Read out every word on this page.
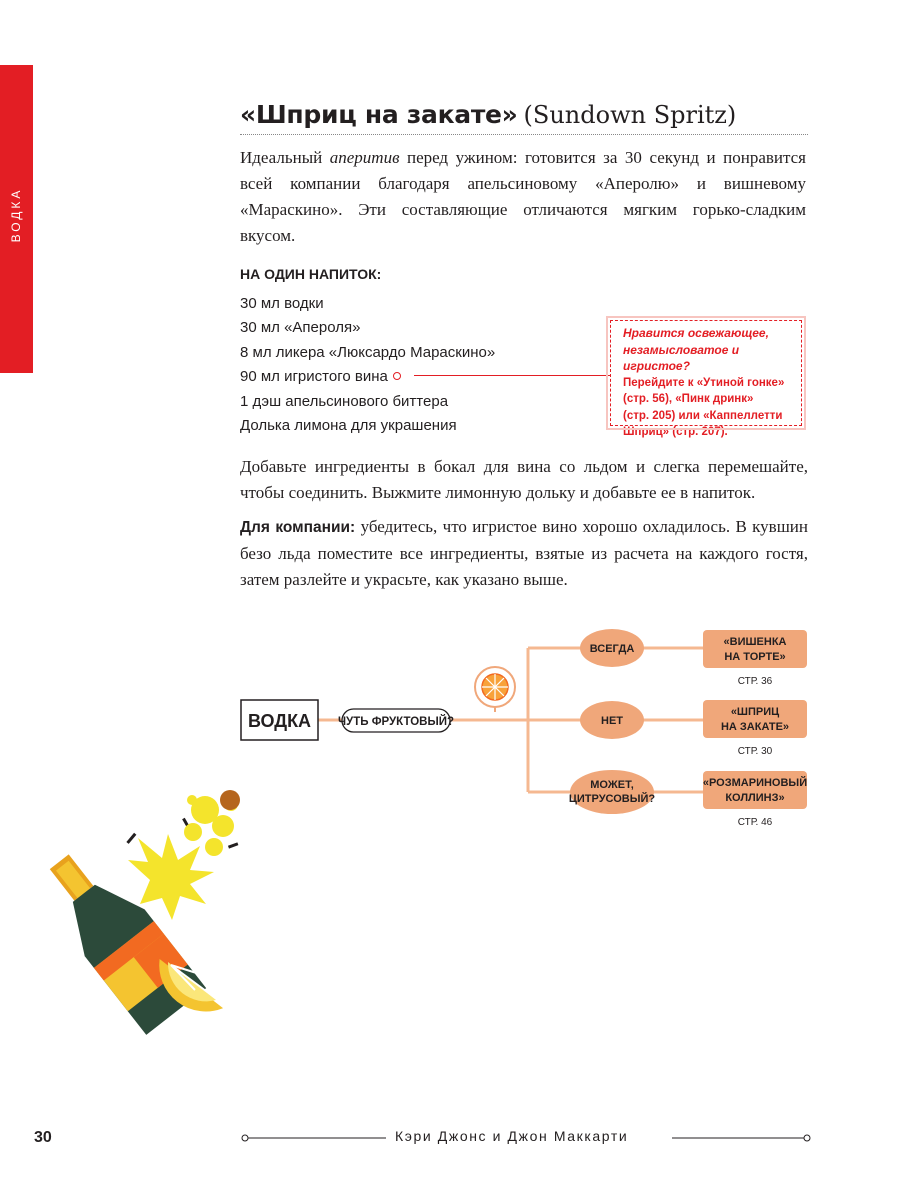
ВОДКА
«Шприц на закате» (Sundown Spritz)

Идеальный аперитив перед ужином: готовится за 30 секунд и понравится всей компании благодаря апельсиновому «Аперолю» и вишневому «Мараскино». Эти составляющие отличаются мягким горько-сладким вкусом.

НА ОДИН НАПИТОК:
30 мл водки
30 мл «Апероля»
8 мл ликера «Люксардо Мараскино»
90 мл игристого вина
1 дэш апельсинового биттера
Долька лимона для украшения
Нравится освежающее, незамысловатое и игристое?
Перейдите к «Утиной гонке»
(стр. 56), «Пинк дринк»
(стр. 205) или «Каппеллетти
Шприц» (стр. 207).

Добавьте ингредиенты в бокал для вина со льдом и слегка перемешайте, чтобы соединить. Выжмите лимонную дольку и добавьте ее в напиток.

Для компании: убедитесь, что игристое вино хорошо охладилось. В кувшин безо льда поместите все ингредиенты, взятые из расчета на каждого гостя, затем разлейте и украсьте, как указано выше.

ВОДКА ЧУТЬ ФРУКТОВЫЙ?
ВСЕГДА
«ВИШЕНКА
НА ТОРТЕ»
СТР. 36
НЕТ
«ШПРИЦ
НА ЗАКАТЕ»
СТР. 30
МОЖЕТ,
ЦИТРУСОВЫЙ?
«РОЗМАРИНОВЫЙ
КОЛЛИНЗ»
СТР. 46
30	Кэри Джонс и Джон Маккарти
